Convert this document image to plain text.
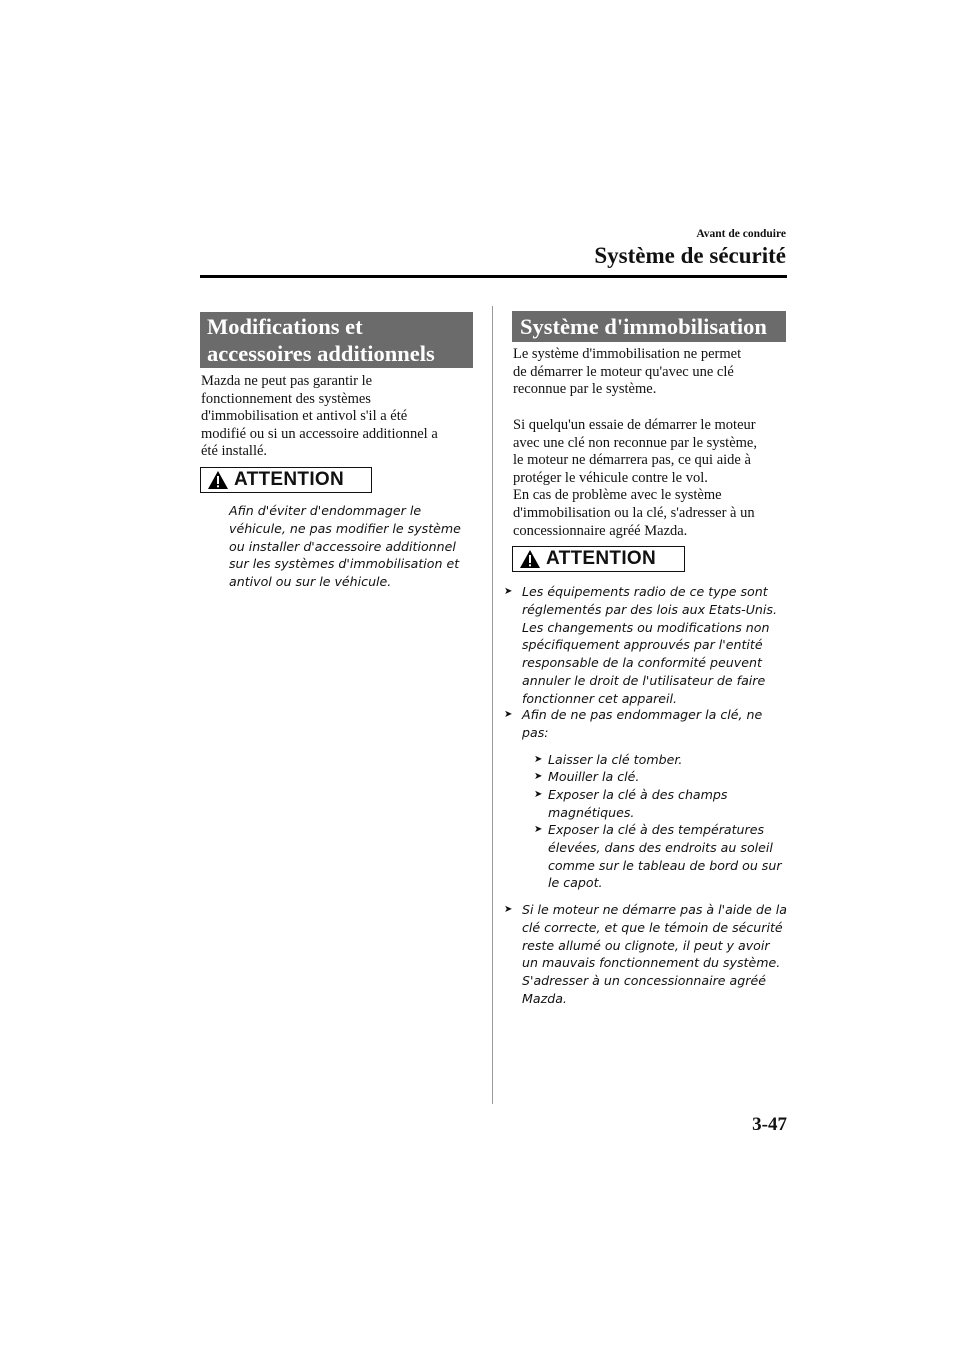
Avant de conduire
Système de sécurité
Modifications et
accessoires additionnels
Mazda ne peut pas garantir le
fonctionnement des systèmes
d'immobilisation et antivol s'il a été
modifié ou si un accessoire additionnel a
été installé.
ATTENTION
Afin d'éviter d'endommager le
véhicule, ne pas modifier le système
ou installer d'accessoire additionnel
sur les systèmes d'immobilisation et
antivol ou sur le véhicule.
Système d'immobilisation
Le système d'immobilisation ne permet
de démarrer le moteur qu'avec une clé
reconnue par le système.
Si quelqu'un essaie de démarrer le moteur
avec une clé non reconnue par le système,
le moteur ne démarrera pas, ce qui aide à
protéger le véhicule contre le vol.
En cas de problème avec le système
d'immobilisation ou la clé, s'adresser à un
concessionnaire agréé Mazda.
ATTENTION
➤ Les équipements radio de ce type sont
réglementés par des lois aux Etats-Unis.
Les changements ou modifications non
spécifiquement approuvés par l'entité
responsable de la conformité peuvent
annuler le droit de l'utilisateur de faire
fonctionner cet appareil.
➤ Afin de ne pas endommager la clé, ne
pas:
➤ Laisser la clé tomber.
➤ Mouiller la clé.
➤ Exposer la clé à des champs
magnétiques.
➤ Exposer la clé à des températures
élevées, dans des endroits au soleil
comme sur le tableau de bord ou sur
le capot.
➤ Si le moteur ne démarre pas à l'aide de la
clé correcte, et que le témoin de sécurité
reste allumé ou clignote, il peut y avoir
un mauvais fonctionnement du système.
S'adresser à un concessionnaire agréé
Mazda.
3-47
